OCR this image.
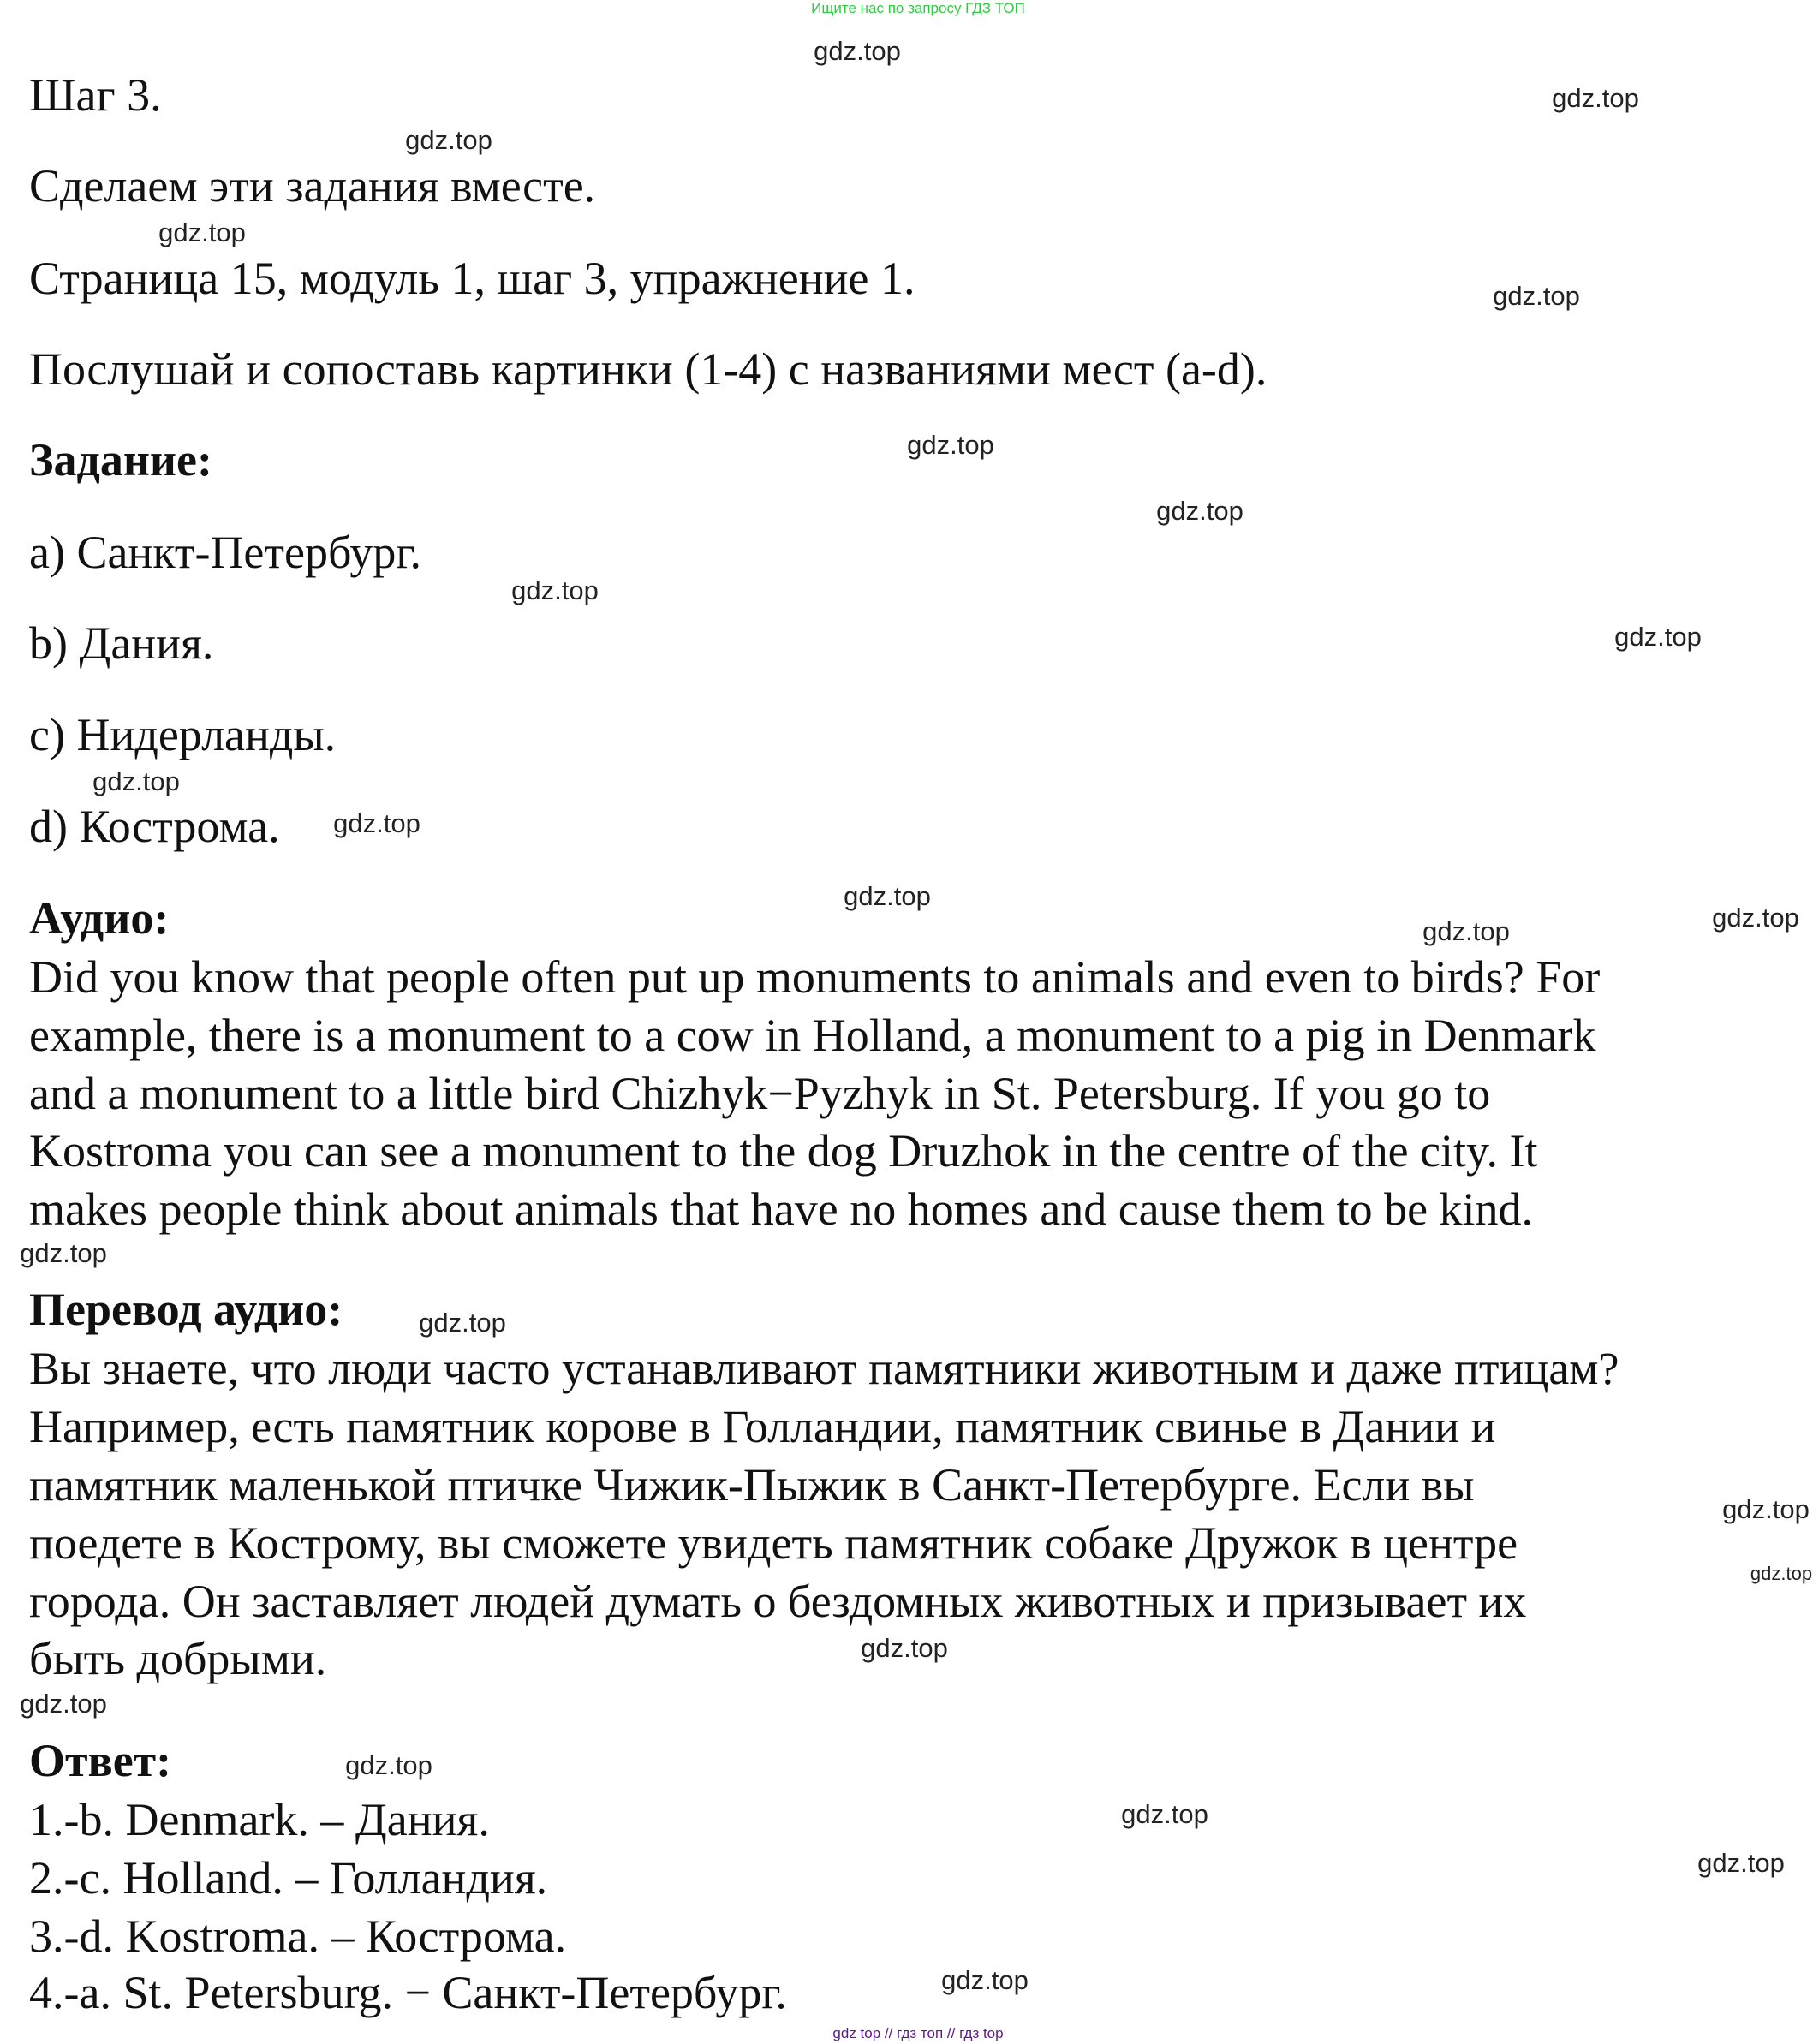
Ищите нас по запросу ГДЗ ТОП
Шаг 3.
Сделаем эти задания вместе.
Страница 15, модуль 1, шаг 3, упражнение 1.
Послушай и сопоставь картинки (1-4) с названиями мест (a-d).
Задание:
a) Санкт-Петербург.
b) Дания.
c) Нидерланды.
d) Кострома.
Аудио:
Did you know that people often put up monuments to animals and even to birds? For
example, there is a monument to a cow in Holland, a monument to a pig in Denmark
and a monument to a little bird Chizhyk−Pyzhyk in St. Petersburg. If you go to
Kostroma you can see a monument to the dog Druzhok in the centre of the city. It
makes people think about animals that have no homes and cause them to be kind.
Перевод аудио:
Вы знаете, что люди часто устанавливают памятники животным и даже птицам?
Например, есть памятник корове в Голландии, памятник свинье в Дании и
памятник маленькой птичке Чижик-Пыжик в Санкт-Петербурге. Если вы
поедете в Кострому, вы сможете увидеть памятник собаке Дружок в центре
города. Он заставляет людей думать о бездомных животных и призывает их
быть добрыми.
Ответ:
1.-b. Denmark. – Дания.
2.-c. Holland. – Голландия.
3.-d. Kostroma. – Кострома.
4.-a. St. Petersburg. − Санкт-Петербург.
gdz.top
gdz.top
gdz.top
gdz.top
gdz.top
gdz.top
gdz.top
gdz.top
gdz.top
gdz.top
gdz.top
gdz.top
gdz.top	gdz.top
gdz.top
gdz.top
gdz.top
gdz.top
gdz.top
gdz.top
gdz.top
gdz.top
gdz.top
gdz.top
gdz top // гдз топ // гдз top
